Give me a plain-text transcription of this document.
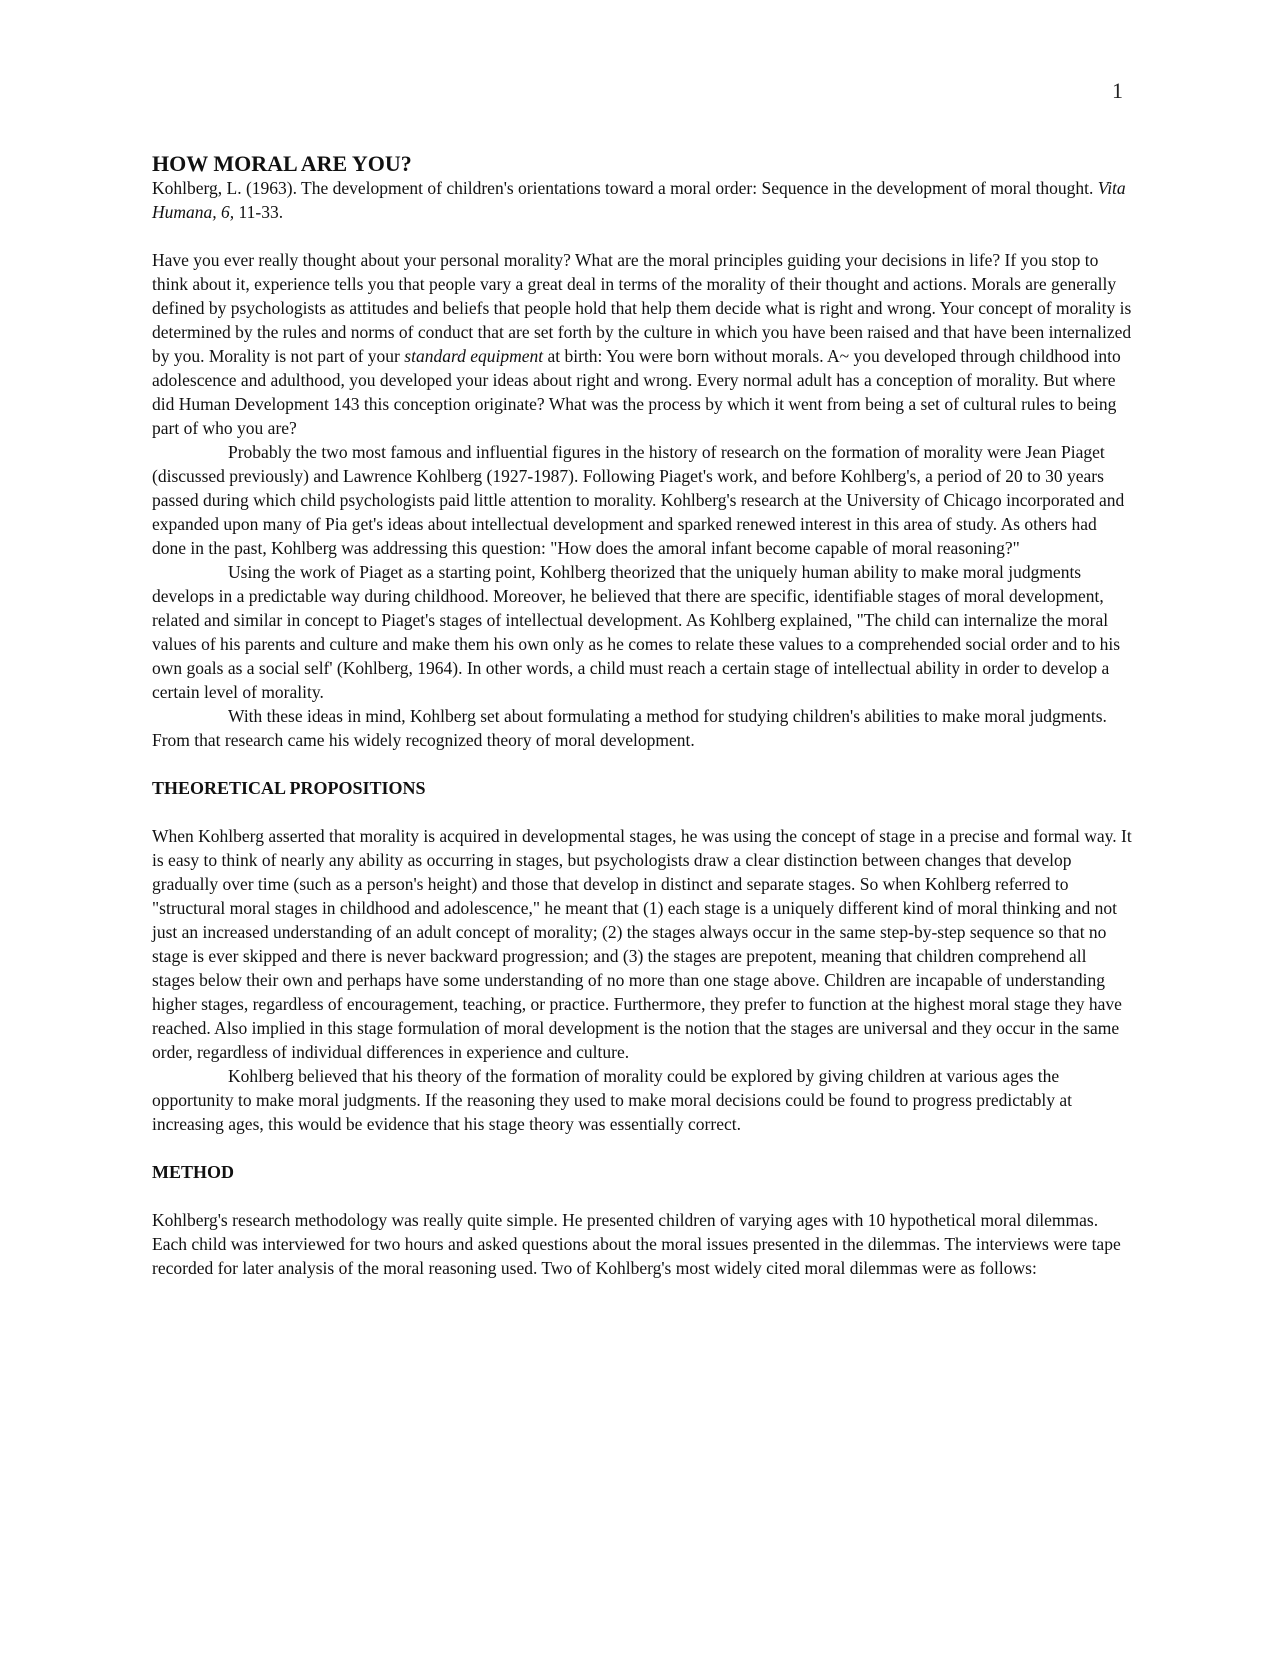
1
HOW MORAL ARE YOU?

Kohlberg, L. (1963). The development of children's orientations toward a moral order: Sequence in the development of moral thought. Vita Humana, 6, 11-33.

Have you ever really thought about your personal morality? What are the moral principles guiding your decisions in life? If you stop to think about it, experience tells you that people vary a great deal in terms of the morality of their thought and actions. Morals are generally defined by psychologists as attitudes and beliefs that people hold that help them decide what is right and wrong. Your concept of morality is determined by the rules and norms of conduct that are set forth by the culture in which you have been raised and that have been internalized by you. Morality is not part of your standard equipment at birth: You were born without morals. A~ you developed through childhood into adolescence and adulthood, you developed your ideas about right and wrong. Every normal adult has a conception of morality. But where did Human Development 143 this conception originate? What was the process by which it went from being a set of cultural rules to being part of who you are?

Probably the two most famous and influential figures in the history of research on the formation of morality were Jean Piaget (discussed previously) and Lawrence Kohlberg (1927-1987). Following Piaget's work, and before Kohlberg's, a period of 20 to 30 years passed during which child psychologists paid little attention to morality. Kohlberg's research at the University of Chicago incorporated and expanded upon many of Pia get's ideas about intellectual development and sparked renewed interest in this area of study. As others had done in the past, Kohlberg was addressing this question: "How does the amoral infant become capable of moral reasoning?"

Using the work of Piaget as a starting point, Kohlberg theorized that the uniquely human ability to make moral judgments develops in a predictable way during childhood. Moreover, he believed that there are specific, identifiable stages of moral development, related and similar in concept to Piaget's stages of intellectual development. As Kohlberg explained, "The child can internalize the moral values of his parents and culture and make them his own only as he comes to relate these values to a comprehended social order and to his own goals as a social self' (Kohlberg, 1964). In other words, a child must reach a certain stage of intellectual ability in order to develop a certain level of morality.

With these ideas in mind, Kohlberg set about formulating a method for studying children's abilities to make moral judgments. From that research came his widely recognized theory of moral development.

THEORETICAL PROPOSITIONS

When Kohlberg asserted that morality is acquired in developmental stages, he was using the concept of stage in a precise and formal way. It is easy to think of nearly any ability as occurring in stages, but psychologists draw a clear distinction between changes that develop gradually over time (such as a person's height) and those that develop in distinct and separate stages. So when Kohlberg referred to "structural moral stages in childhood and adolescence," he meant that (1) each stage is a uniquely different kind of moral thinking and not just an increased understanding of an adult concept of morality; (2) the stages always occur in the same step-by-step sequence so that no stage is ever skipped and there is never backward progression; and (3) the stages are prepotent, meaning that children comprehend all stages below their own and perhaps have some understanding of no more than one stage above. Children are incapable of understanding higher stages, regardless of encouragement, teaching, or practice. Furthermore, they prefer to function at the highest moral stage they have reached. Also implied in this stage formulation of moral development is the notion that the stages are universal and they occur in the same order, regardless of individual differences in experience and culture.

Kohlberg believed that his theory of the formation of morality could be explored by giving children at various ages the opportunity to make moral judgments. If the reasoning they used to make moral decisions could be found to progress predictably at increasing ages, this would be evidence that his stage theory was essentially correct.

METHOD

Kohlberg's research methodology was really quite simple. He presented children of varying ages with 10 hypothetical moral dilemmas. Each child was interviewed for two hours and asked questions about the moral issues presented in the dilemmas. The interviews were tape recorded for later analysis of the moral reasoning used. Two of Kohlberg's most widely cited moral dilemmas were as follows:
